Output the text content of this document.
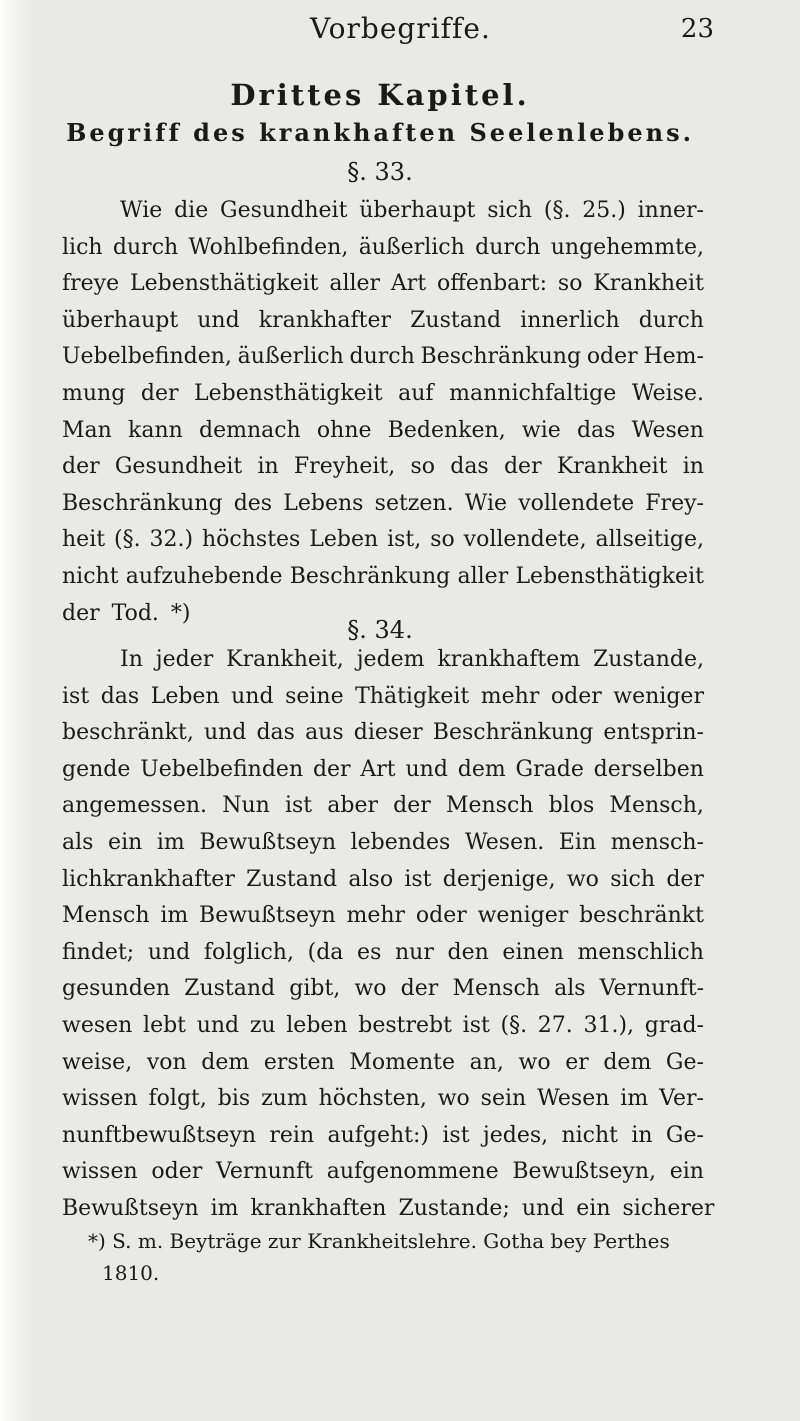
Vorbegriffe.	23
Drittes Kapitel.
Begriff des krankhaften Seelenlebens.
§. 33.
Wie die Gesundheit überhaupt sich (§. 25.) inner-
lich durch Wohlbefinden, äußerlich durch ungehemmte,
freye Lebensthätigkeit aller Art offenbart: so Krankheit
überhaupt und krankhafter Zustand innerlich durch
Uebelbefinden, äußerlich durch Beschränkung oder Hem-
mung der Lebensthätigkeit auf mannichfaltige Weise.
Man kann demnach ohne Bedenken, wie das Wesen
der Gesundheit in Freyheit, so das der Krankheit in
Beschränkung des Lebens setzen. Wie vollendete Frey-
heit (§. 32.) höchstes Leben ist, so vollendete, allseitige,
nicht aufzuhebende Beschränkung aller Lebensthätigkeit
der Tod. *)
§. 34.
In jeder Krankheit, jedem krankhaftem Zustande,
ist das Leben und seine Thätigkeit mehr oder weniger
beschränkt, und das aus dieser Beschränkung entsprin-
gende Uebelbefinden der Art und dem Grade derselben
angemessen. Nun ist aber der Mensch blos Mensch,
als ein im Bewußtseyn lebendes Wesen. Ein mensch-
lichkrankhafter Zustand also ist derjenige, wo sich der
Mensch im Bewußtseyn mehr oder weniger beschränkt
findet; und folglich, (da es nur den einen menschlich
gesunden Zustand gibt, wo der Mensch als Vernunft-
wesen lebt und zu leben bestrebt ist (§. 27. 31.), grad-
weise, von dem ersten Momente an, wo er dem Ge-
wissen folgt, bis zum höchsten, wo sein Wesen im Ver-
nunftbewußtseyn rein aufgeht:) ist jedes, nicht in Ge-
wissen oder Vernunft aufgenommene Bewußtseyn, ein
Bewußtseyn im krankhaften Zustande; und ein sicherer
*) S. m. Beyträge zur Krankheitslehre. Gotha bey Perthes
1810.
